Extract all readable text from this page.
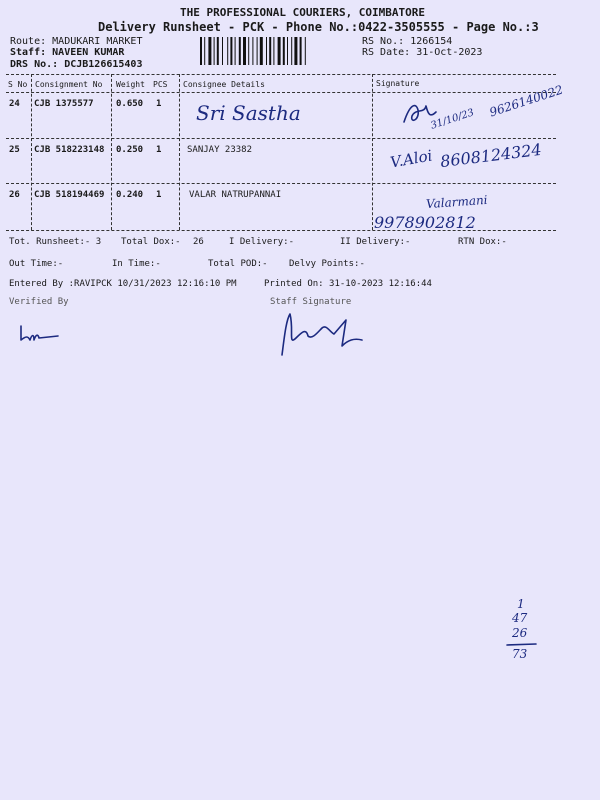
THE PROFESSIONAL COURIERS, COIMBATORE
Delivery Runsheet - PCK - Phone No.:0422-3505555 - Page No.:3
Route: MADUKARI MARKET
Staff: NAVEEN KUMAR
DRS No.: DCJB126615403
RS No.: 1266154
RS Date: 31-Oct-2023
S No Consignment No Weight PCS Consignee Details	Signature
24 CJB 1375577 0.650 1 Sri Sastha	31/10/23
9626140022
25 CJB 518223148 0.250 1	SANJAY 23382	V.Aloi 8608124324
26 CJB 518194469 0.240 1	VALAR NATRUPANNAI	Valarmani
9978902812
Tot. Runsheet:- 3 Total Dox:- 26	I Delivery:-	II Delivery:-	RTN Dox:-
Out Time:-	In Time:-	Total POD:- Delvy Points:-
Entered By :RAVIPCK 10/31/2023 12:16:10 PM	Printed On: 31-10-2023 12:16:44
Verified By	Staff Signature
1
47
26
73
